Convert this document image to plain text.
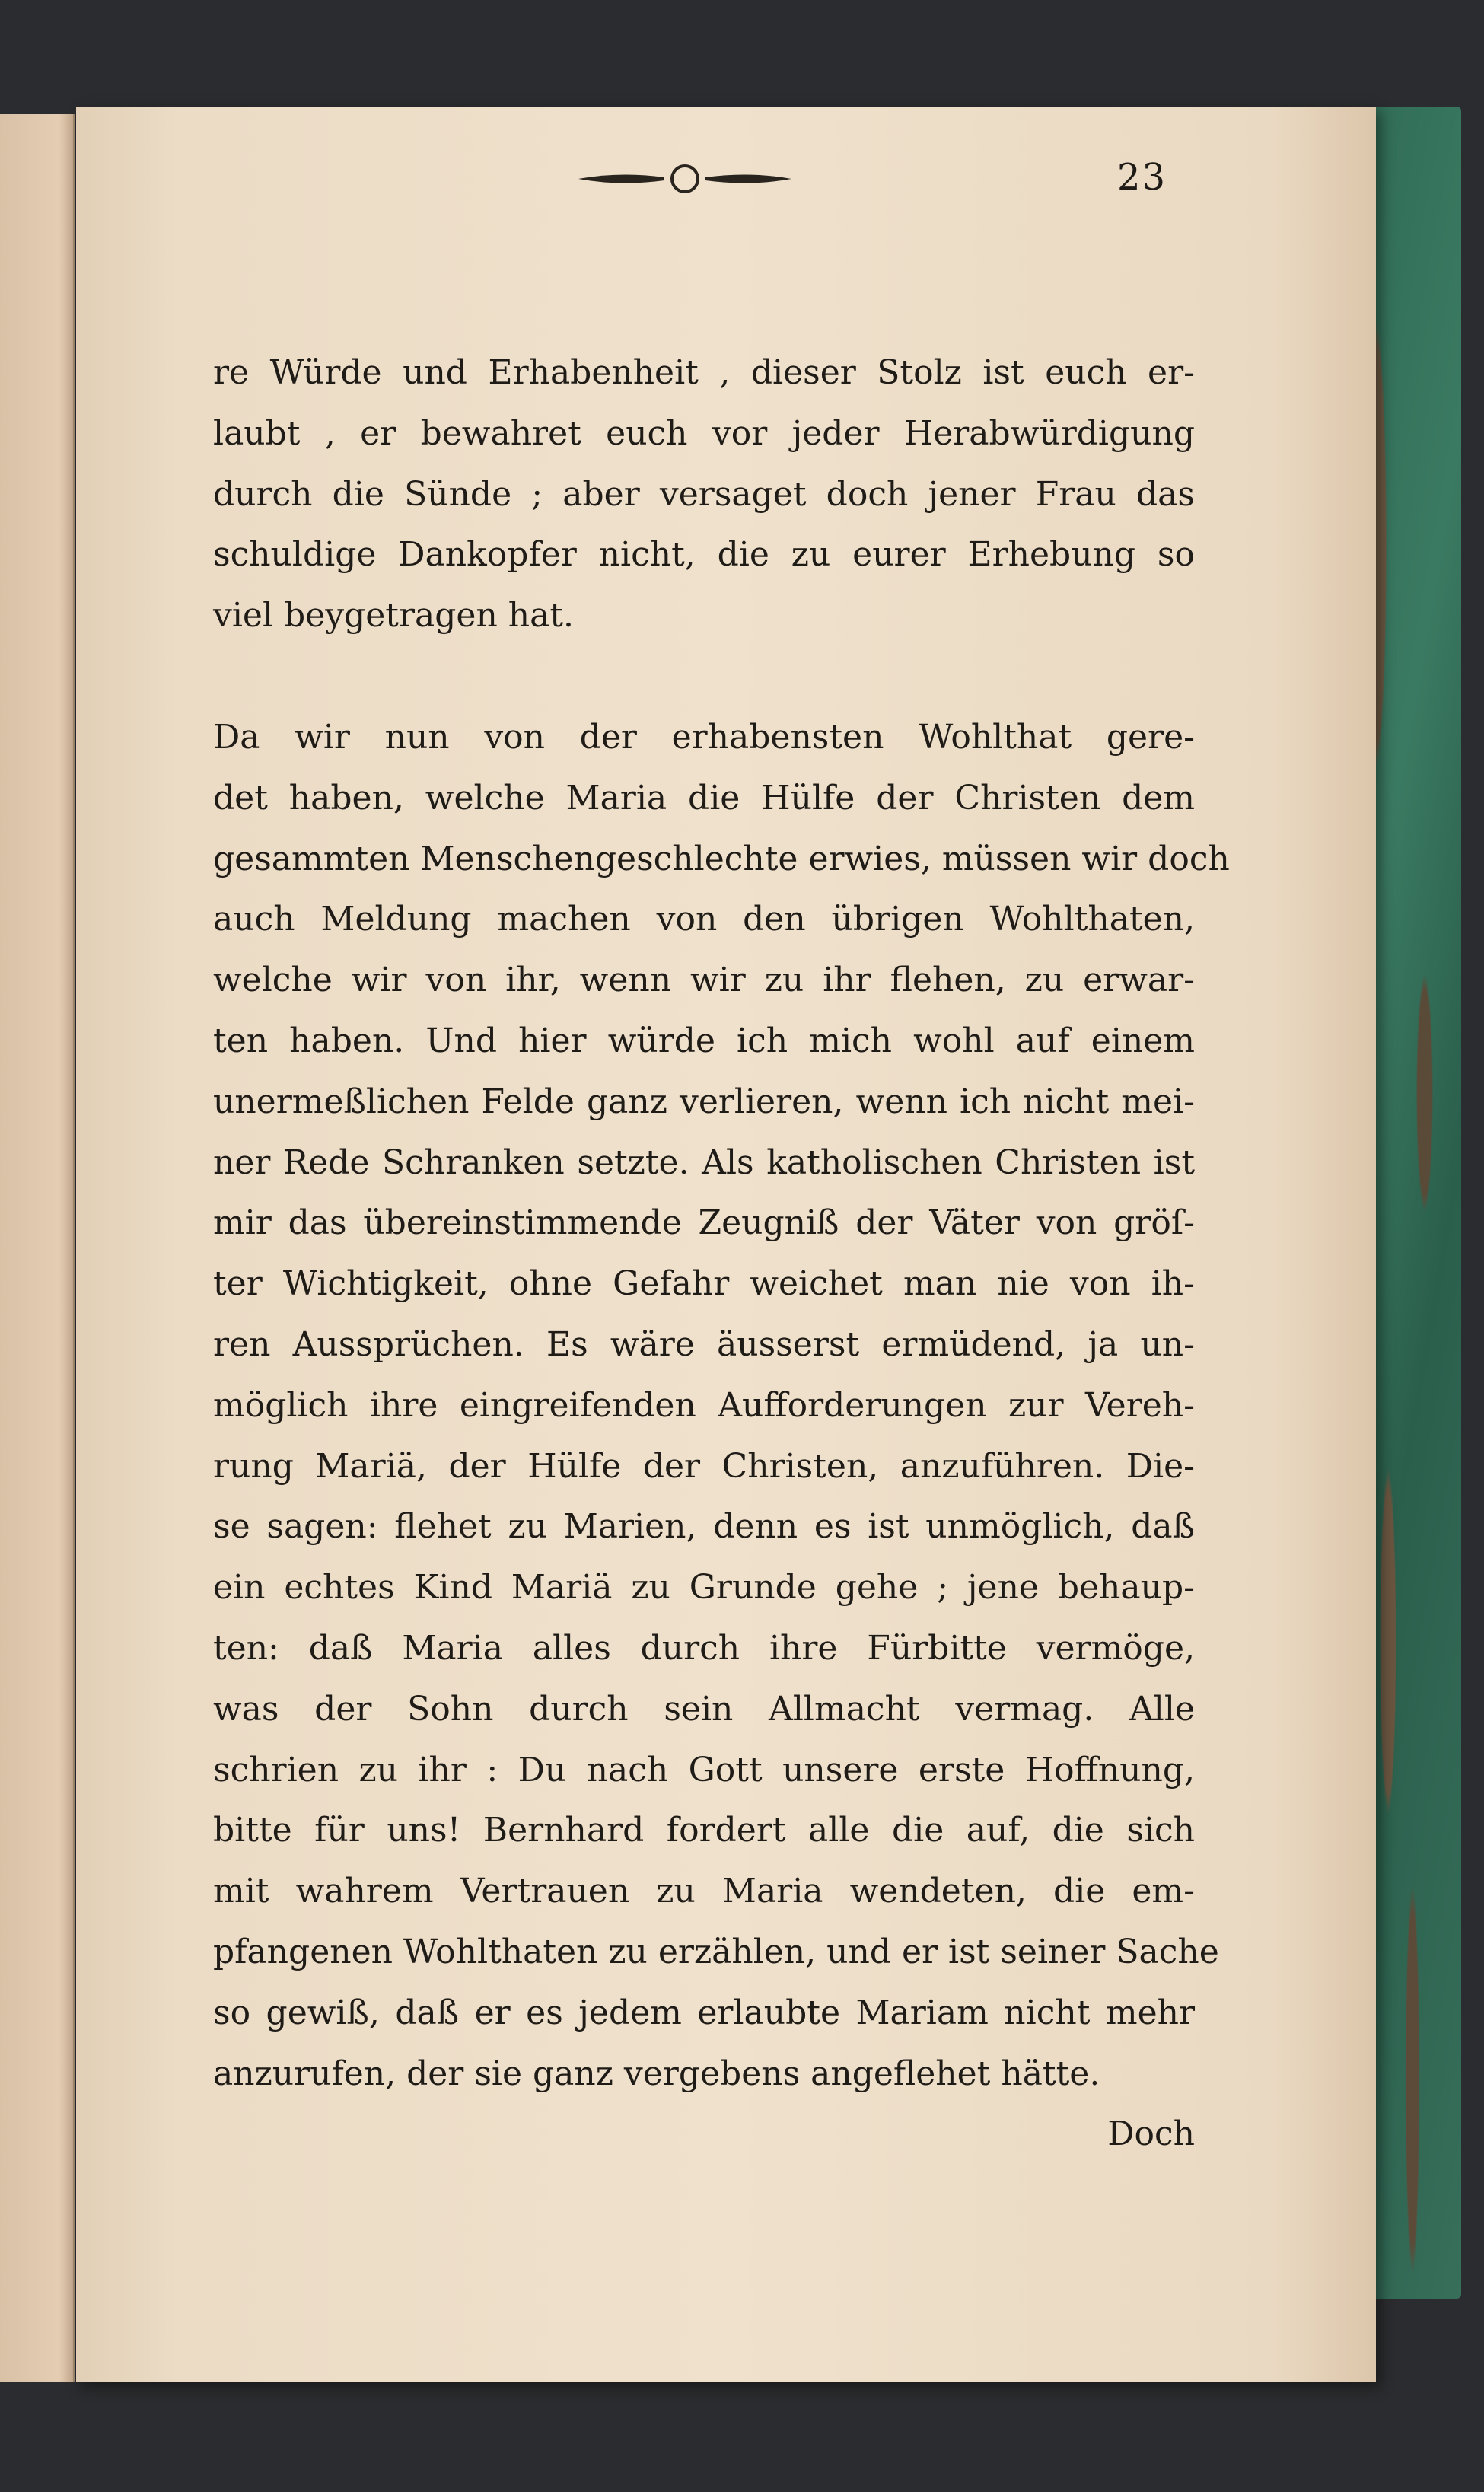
23
re Würde und Erhabenheit , dieser Stolz ist euch er-
laubt , er bewahret euch vor jeder Herabwürdigung
durch die Sünde ; aber versaget doch jener Frau das
schuldige Dankopfer nicht, die zu eurer Erhebung so
viel beygetragen hat.
Da wir nun von der erhabensten Wohlthat gere-
det haben, welche Maria die Hülfe der Christen dem
gesammten Menschengeschlechte erwies, müssen wir doch
auch Meldung machen von den übrigen Wohlthaten,
welche wir von ihr, wenn wir zu ihr flehen, zu erwar-
ten haben. Und hier würde ich mich wohl auf einem
unermeßlichen Felde ganz verlieren, wenn ich nicht mei-
ner Rede Schranken setzte. Als katholischen Christen ist
mir das übereinstimmende Zeugniß der Väter von gröſ-
ter Wichtigkeit, ohne Gefahr weichet man nie von ih-
ren Aussprüchen. Es wäre äusserst ermüdend, ja un-
möglich ihre eingreifenden Aufforderungen zur Vereh-
rung Mariä, der Hülfe der Christen, anzuführen. Die-
se sagen: flehet zu Marien, denn es ist unmöglich, daß
ein echtes Kind Mariä zu Grunde gehe ; jene behaup-
ten: daß Maria alles durch ihre Fürbitte vermöge,
was der Sohn durch sein Allmacht vermag. Alle
schrien zu ihr : Du nach Gott unsere erste Hoffnung,
bitte für uns! Bernhard fordert alle die auf, die sich
mit wahrem Vertrauen zu Maria wendeten, die em-
pfangenen Wohlthaten zu erzählen, und er ist seiner Sache
so gewiß, daß er es jedem erlaubte Mariam nicht mehr
anzurufen, der sie ganz vergebens angeflehet hätte.
Doch
